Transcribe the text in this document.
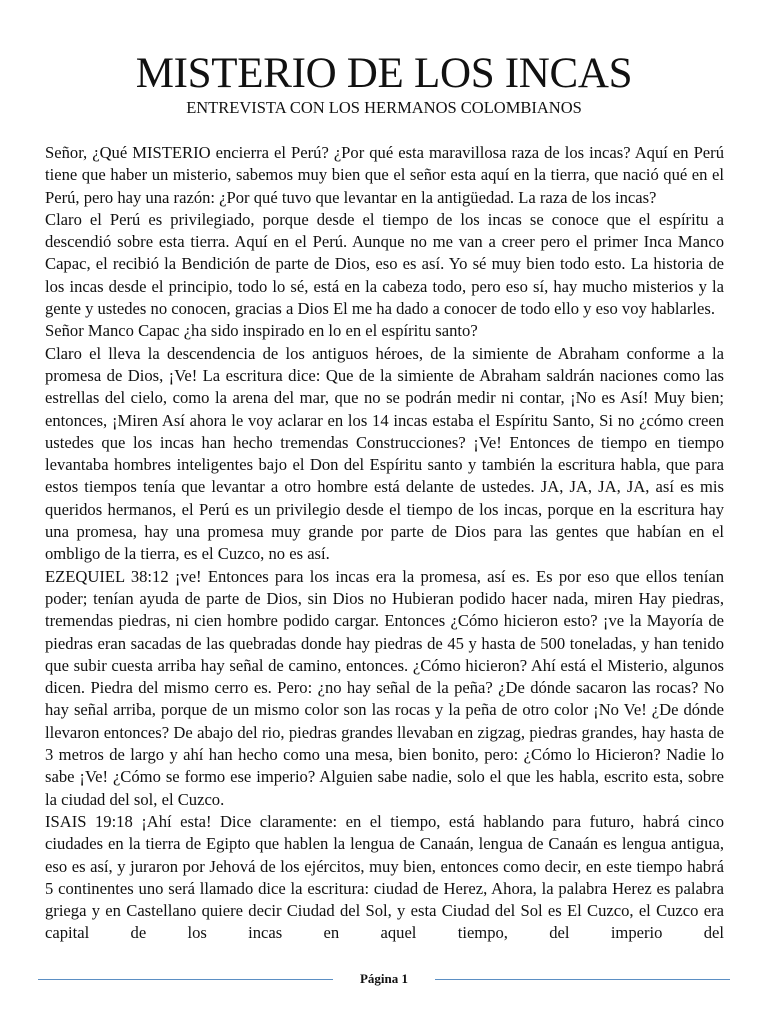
MISTERIO DE LOS INCAS
ENTREVISTA CON LOS HERMANOS COLOMBIANOS

Señor, ¿Qué MISTERIO encierra el Perú? ¿Por qué esta maravillosa raza de los incas? Aquí en Perú tiene que haber un misterio, sabemos muy bien que el señor esta aquí en la tierra, que nació qué en el Perú, pero hay una razón: ¿Por qué tuvo que levantar en la antigüedad. La raza de los incas?

Claro el Perú es privilegiado, porque desde el tiempo de los incas se conoce que el espíritu a descendió sobre esta tierra. Aquí en el Perú. Aunque no me van a creer pero el primer Inca Manco Capac, el recibió la Bendición de parte de Dios, eso es así. Yo sé muy bien todo esto. La historia de los incas desde el principio, todo lo sé, está en la cabeza todo, pero eso sí, hay mucho misterios y la gente y ustedes no conocen, gracias a Dios El me ha dado a conocer de todo ello y eso voy hablarles.

Señor Manco Capac ¿ha sido inspirado en lo en el espíritu santo?

Claro el lleva la descendencia de los antiguos héroes, de la simiente de Abraham conforme a la promesa de Dios, ¡Ve! La escritura dice: Que de la simiente de Abraham saldrán naciones como las estrellas del cielo, como la arena del mar, que no se podrán medir ni contar, ¡No es Así! Muy bien; entonces, ¡Miren Así ahora le voy aclarar en los 14 incas estaba el Espíritu Santo, Si no ¿cómo creen ustedes que los incas han hecho tremendas Construcciones? ¡Ve! Entonces de tiempo en tiempo levantaba hombres inteligentes bajo el Don del Espíritu santo y también la escritura habla, que para estos tiempos tenía que levantar a otro hombre está delante de ustedes. JA, JA, JA, JA, así es mis queridos hermanos, el Perú es un privilegio desde el tiempo de los incas, porque en la escritura hay una promesa, hay una promesa muy grande por parte de Dios para las gentes que habían en el ombligo de la tierra, es el Cuzco, no es así.

EZEQUIEL 38:12 ¡ve! Entonces para los incas era la promesa, así es. Es por eso que ellos tenían poder; tenían ayuda de parte de Dios, sin Dios no Hubieran podido hacer nada, miren Hay piedras, tremendas piedras, ni cien hombre podido cargar. Entonces ¿Cómo hicieron esto? ¡ve la Mayoría de piedras eran sacadas de las quebradas donde hay piedras de 45 y hasta de 500 toneladas, y han tenido que subir cuesta arriba hay señal de camino, entonces. ¿Cómo hicieron? Ahí está el Misterio, algunos dicen. Piedra del mismo cerro es. Pero: ¿no hay señal de la peña? ¿De dónde sacaron las rocas? No hay señal arriba, porque de un mismo color son las rocas y la peña de otro color ¡No Ve! ¿De dónde llevaron entonces? De abajo del rio, piedras grandes llevaban en zigzag, piedras grandes, hay hasta de 3 metros de largo y ahí han hecho como una mesa, bien bonito, pero: ¿Cómo lo Hicieron? Nadie lo sabe ¡Ve! ¿Cómo se formo ese imperio? Alguien sabe nadie, solo el que les habla, escrito esta, sobre la ciudad del sol, el Cuzco.

ISAIS 19:18 ¡Ahí esta! Dice claramente: en el tiempo, está hablando para futuro, habrá cinco ciudades en la tierra de Egipto que hablen la lengua de Canaán, lengua de Canaán es lengua antigua, eso es así, y juraron por Jehová de los ejércitos, muy bien, entonces como decir, en este tiempo habrá 5 continentes uno será llamado dice la escritura: ciudad de Herez, Ahora, la palabra Herez es palabra griega y en Castellano quiere decir Ciudad del Sol, y esta Ciudad del Sol es El Cuzco, el Cuzco era capital de los incas en aquel tiempo, del imperio del

Página 1
